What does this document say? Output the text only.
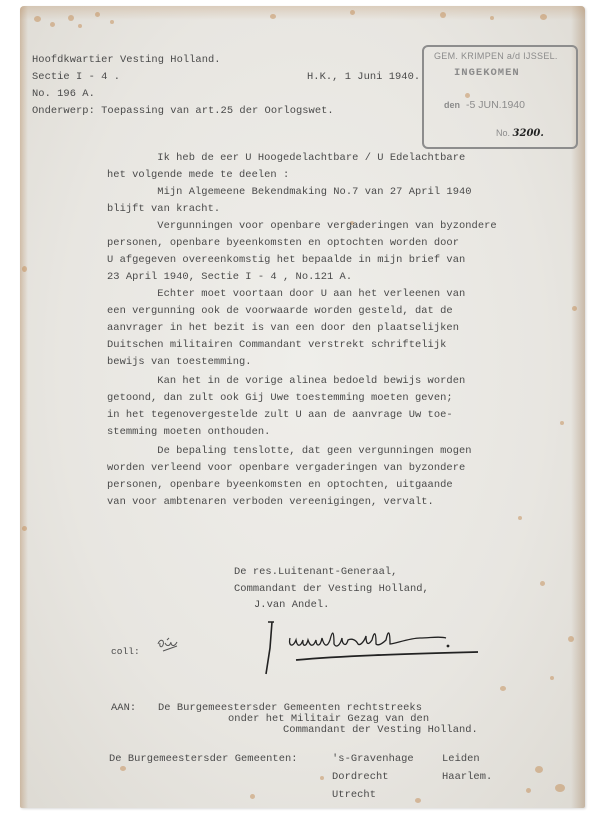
Hoofdkwartier Vesting Holland.
Sectie I - 4 .	H.K., 1 Juni 1940.
No. 196 A.
Onderwerp: Toepassing van art.25 der Oorlogswet.
GEM. KRIMPEN a/d IJSSEL.
INGEKOMEN
den -5 JUN.1940
No. 3200.
Ik heb de eer U Hoogedelachtbare / U Edelachtbare
het volgende mede te deelen :
Mijn Algemeene Bekendmaking No.7 van 27 April 1940
blijft van kracht.
Vergunningen voor openbare vergaderingen van byzondere
personen, openbare byeenkomsten en optochten worden door
U afgegeven overeenkomstig het bepaalde in mijn brief van
23 April 1940, Sectie I - 4 , No.121 A.
Echter moet voortaan door U aan het verleenen van
een vergunning ook de voorwaarde worden gesteld, dat de
aanvrager in het bezit is van een door den plaatselijken
Duitschen militairen Commandant verstrekt schriftelijk
bewijs van toestemming.
Kan het in de vorige alinea bedoeld bewijs worden
getoond, dan zult ook Gij Uwe toestemming moeten geven;
in het tegenovergestelde zult U aan de aanvrage Uw toe-
stemming moeten onthouden.
De bepaling tenslotte, dat geen vergunningen mogen
worden verleend voor openbare vergaderingen van byzondere
personen, openbare byeenkomsten en optochten, uitgaande
van voor ambtenaren verboden vereenigingen, vervalt.
De res.Luitenant-Generaal,
Commandant der Vesting Holland,
J.van Andel.
coll:
AAN: De Burgemeestersder Gemeenten rechtstreeks
onder het Militair Gezag van den
Commandant der Vesting Holland.
De Burgemeestersder Gemeenten:	's-Gravenhage
Dordrecht
Utrecht
Leiden
Haarlem.
